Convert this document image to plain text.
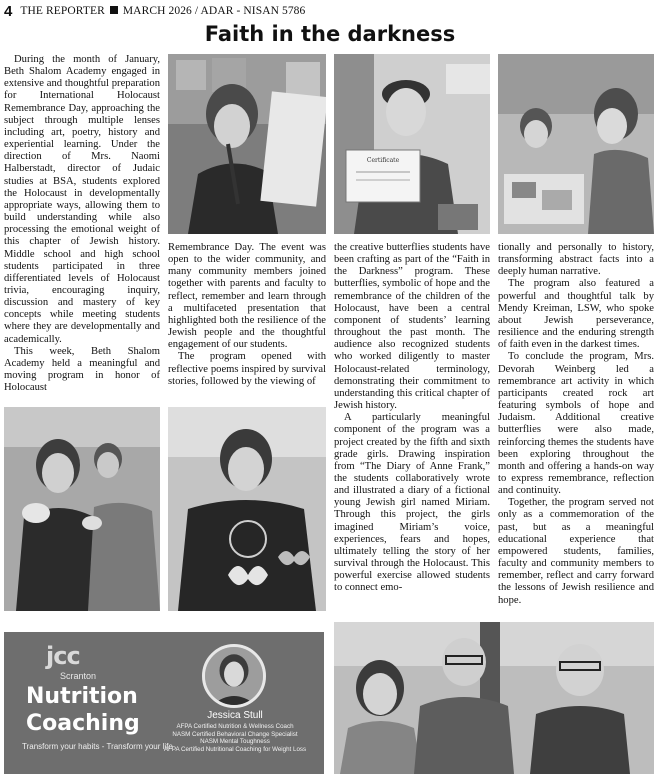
4 THE REPORTER MARCH 2026 / ADAR - NISAN 5786
Faith in the darkness

During the month of January, Beth Shalom Academy engaged in extensive and thoughtful preparation for International Holocaust Remembrance Day, approaching the subject through multiple lenses including art, poetry, history and experiential learning. Under the direction of Mrs. Naomi Halberstadt, director of Judaic studies at BSA, students explored the Holocaust in developmentally appropriate ways, allowing them to build understanding while also processing the emotional weight of this chapter of Jewish history. Middle school and high school students participated in three differentiated levels of Holocaust trivia, encouraging inquiry, discussion and mastery of key concepts while meeting students where they are developmentally and academically.

This week, Beth Shalom Academy held a meaningful and moving program in honor of Holocaust

Certificate

Remembrance Day. The event was open to the wider community, and many community members joined together with parents and faculty to reflect, remember and learn through a multifaceted presentation that highlighted both the resilience of the Jewish people and the thoughtful engagement of our students.

The program opened with reflective poems inspired by survival stories, followed by the viewing of

the creative butterflies students have been crafting as part of the “Faith in the Darkness” program. These butterflies, symbolic of hope and the remembrance of the children of the Holocaust, have been a central component of students’ learning throughout the past month. The audience also recognized students who worked diligently to master Holocaust-related terminology, demonstrating their commitment to understanding this critical chapter of Jewish history.

A particularly meaningful component of the program was a project created by the fifth and sixth grade girls. Drawing inspiration from “The Diary of Anne Frank,” the students collaboratively wrote and illustrated a diary of a fictional young Jewish girl named Miriam. Through this project, the girls imagined Miriam’s voice, experiences, fears and hopes, ultimately telling the story of her survival through the Holocaust. This powerful exercise allowed students to connect emo-

tionally and personally to history, transforming abstract facts into a deeply human narrative.

The program also featured a powerful and thoughtful talk by Mendy Kreiman, LSW, who spoke about Jewish perseverance, resilience and the enduring strength of faith even in the darkest times.

To conclude the program, Mrs. Devorah Weinberg led a remembrance art activity in which participants created rock art featuring symbols of hope and Judaism. Additional creative butterflies were also made, reinforcing themes the students have been exploring throughout the month and offering a hands-on way to express remembrance, reflection and continuity.

Together, the program served not only as a commemoration of the past, but as a meaningful educational experience that empowered students, families, faculty and community members to remember, reflect and carry forward the lessons of Jewish resilience and hope.

jcc
Scranton
Nutrition
Coaching
Transform your habits - Transform your life
Jessica Stull
AFPA Certified Nutrition & Wellness Coach
NASM Certified Behavioral Change Specialist
NASM Mental Toughness
AFPA Certified Nutritional Coaching for Weight Loss
